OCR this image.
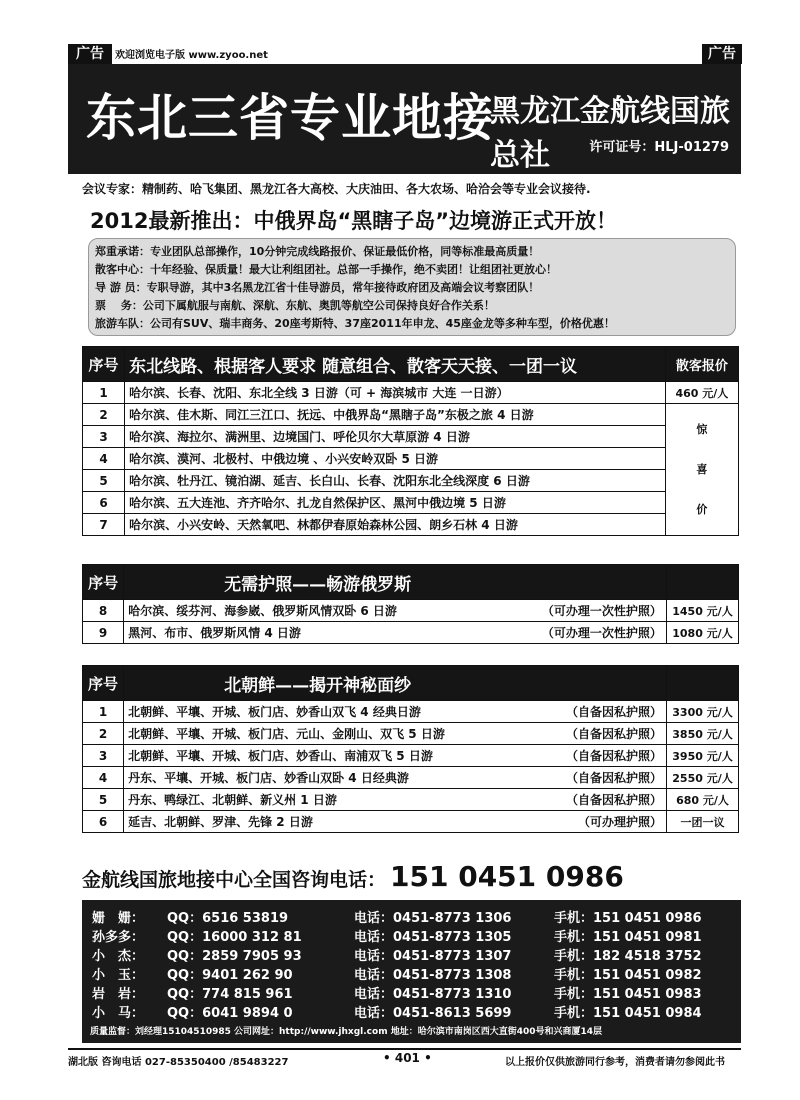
广告	欢迎浏览电子版 www.zyoo.net	广告
东北三省专业地接
黑龙江金航线国旅总社	许可证号：HLJ-01279
会议专家：精制药、哈飞集团、黑龙江各大高校、大庆油田、各大农场、哈洽会等专业会议接待.
2012最新推出：中俄界岛“黑瞎子岛”边境游正式开放！
郑重承诺：专业团队总部操作，10分钟完成线路报价、保证最低价格，同等标准最高质量！
散客中心：十年经验、保质量！最大让利组团社。总部一手操作，绝不卖团！让组团社更放心！
导 游 员：专职导游，其中3名黑龙江省十佳导游员，常年接待政府团及高端会议考察团队！
票　 务：公司下属航服与南航、深航、东航、奥凯等航空公司保持良好合作关系！
旅游车队：公司有SUV、瑞丰商务、20座考斯特、37座2011年申龙、45座金龙等多种车型，价格优惠！
序号	东北线路、根据客人要求 随意组合、散客天天接、一团一议	散客报价
1	哈尔滨、长春、沈阳、东北全线 3 日游（可 + 海滨城市 大连 一日游）	460 元/人
2	哈尔滨、佳木斯、同江三江口、抚远、中俄界岛“黑瞎子岛”东极之旅 4 日游	惊
喜
价

3	哈尔滨、海拉尔、满洲里、边境国门、呼伦贝尔大草原游 4 日游	
4	哈尔滨、漠河、北极村、中俄边境 、小兴安岭双卧 5 日游	
5	哈尔滨、牡丹江、镜泊湖、延吉、长白山、长春、沈阳东北全线深度 6 日游	
6	哈尔滨、五大连池、齐齐哈尔、扎龙自然保护区、黑河中俄边境 5 日游	
7	哈尔滨、小兴安岭、天然氧吧、林都伊春原始森林公园、朗乡石林 4 日游	
序号	无需护照——畅游俄罗斯	
8	哈尔滨、绥芬河、海参崴、俄罗斯风情双卧 6 日游 （可办理一次性护照）	1450 元/人
9	黑河、布市、俄罗斯风情 4 日游 （可办理一次性护照）	1080 元/人
序号	北朝鲜——揭开神秘面纱	
1	北朝鲜、平壤、开城、板门店、妙香山双飞 4 经典日游 （自备因私护照）	3300 元/人
2	北朝鲜、平壤、开城、板门店、元山、金刚山、双飞 5 日游 （自备因私护照）	3850 元/人
3	北朝鲜、平壤、开城、板门店、妙香山、南浦双飞 5 日游 （自备因私护照）	3950 元/人
4	丹东、平壤、开城、板门店、妙香山双卧 4 日经典游 （自备因私护照）	2550 元/人
5	丹东、鸭绿江、北朝鲜、新义州 1 日游 （自备因私护照）	680 元/人
6	延吉、北朝鲜、罗津、先锋 2 日游 （可办理护照）	一团一议
金航线国旅地接中心全国咨询电话： 151 0451 0986
姗　姗： QQ：6516 53819	电话：0451-8773 1306	手机：151 0451 0986
孙多多： QQ：16000 312 81	电话：0451-8773 1305	手机：151 0451 0981
小　杰： QQ：2859 7905 93	电话：0451-8773 1307	手机：182 4518 3752
小　玉： QQ：9401 262 90	电话：0451-8773 1308	手机：151 0451 0982
岩　岩： QQ：774 815 961	电话：0451-8773 1310	手机：151 0451 0983
小　马： QQ：6041 9894 0	电话：0451-8613 5699	手机：151 0451 0984
质量监督：刘经理15104510985 公司网址：http://www.jhxgl.com 地址：哈尔滨市南岗区西大直街400号和兴商厦14层
湖北版 咨询电话 027-85350400 /85483227	• 401 •	以上报价仅供旅游同行参考，消费者请勿参阅此书
